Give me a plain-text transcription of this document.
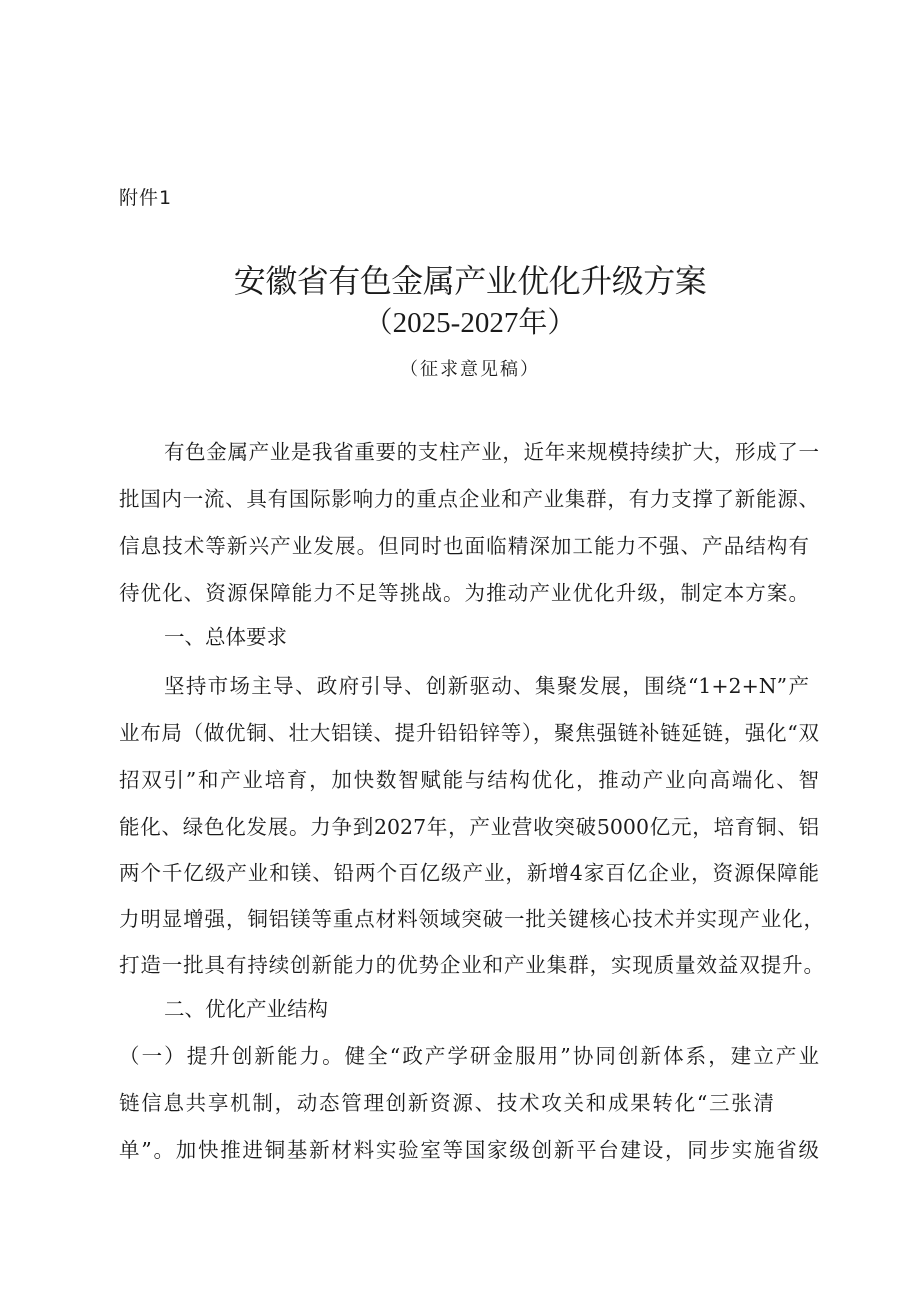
附件1
安徽省有色金属产业优化升级方案
（2025-2027年）
（征求意见稿）
有色金属产业是我省重要的支柱产业，近年来规模持续扩大，形成了一
批国内一流、具有国际影响力的重点企业和产业集群，有力支撑了新能源、
信息技术等新兴产业发展。但同时也面临精深加工能力不强、产品结构有
待优化、资源保障能力不足等挑战。为推动产业优化升级，制定本方案。
一、总体要求
坚持市场主导、政府引导、创新驱动、集聚发展，围绕“1+2+N”产
业布局（做优铜、壮大铝镁、提升铅铅锌等），聚焦强链补链延链，强化“双
招双引”和产业培育，加快数智赋能与结构优化，推动产业向高端化、智
能化、绿色化发展。力争到2027年，产业营收突破5000亿元，培育铜、铝
两个千亿级产业和镁、铅两个百亿级产业，新增4家百亿企业，资源保障能
力明显增强，铜铝镁等重点材料领域突破一批关键核心技术并实现产业化，
打造一批具有持续创新能力的优势企业和产业集群，实现质量效益双提升。
二、优化产业结构
（一）提升创新能力。健全“政产学研金服用”协同创新体系，建立产业
链信息共享机制，动态管理创新资源、技术攻关和成果转化“三张清
单”。加快推进铜基新材料实验室等国家级创新平台建设，同步实施省级
